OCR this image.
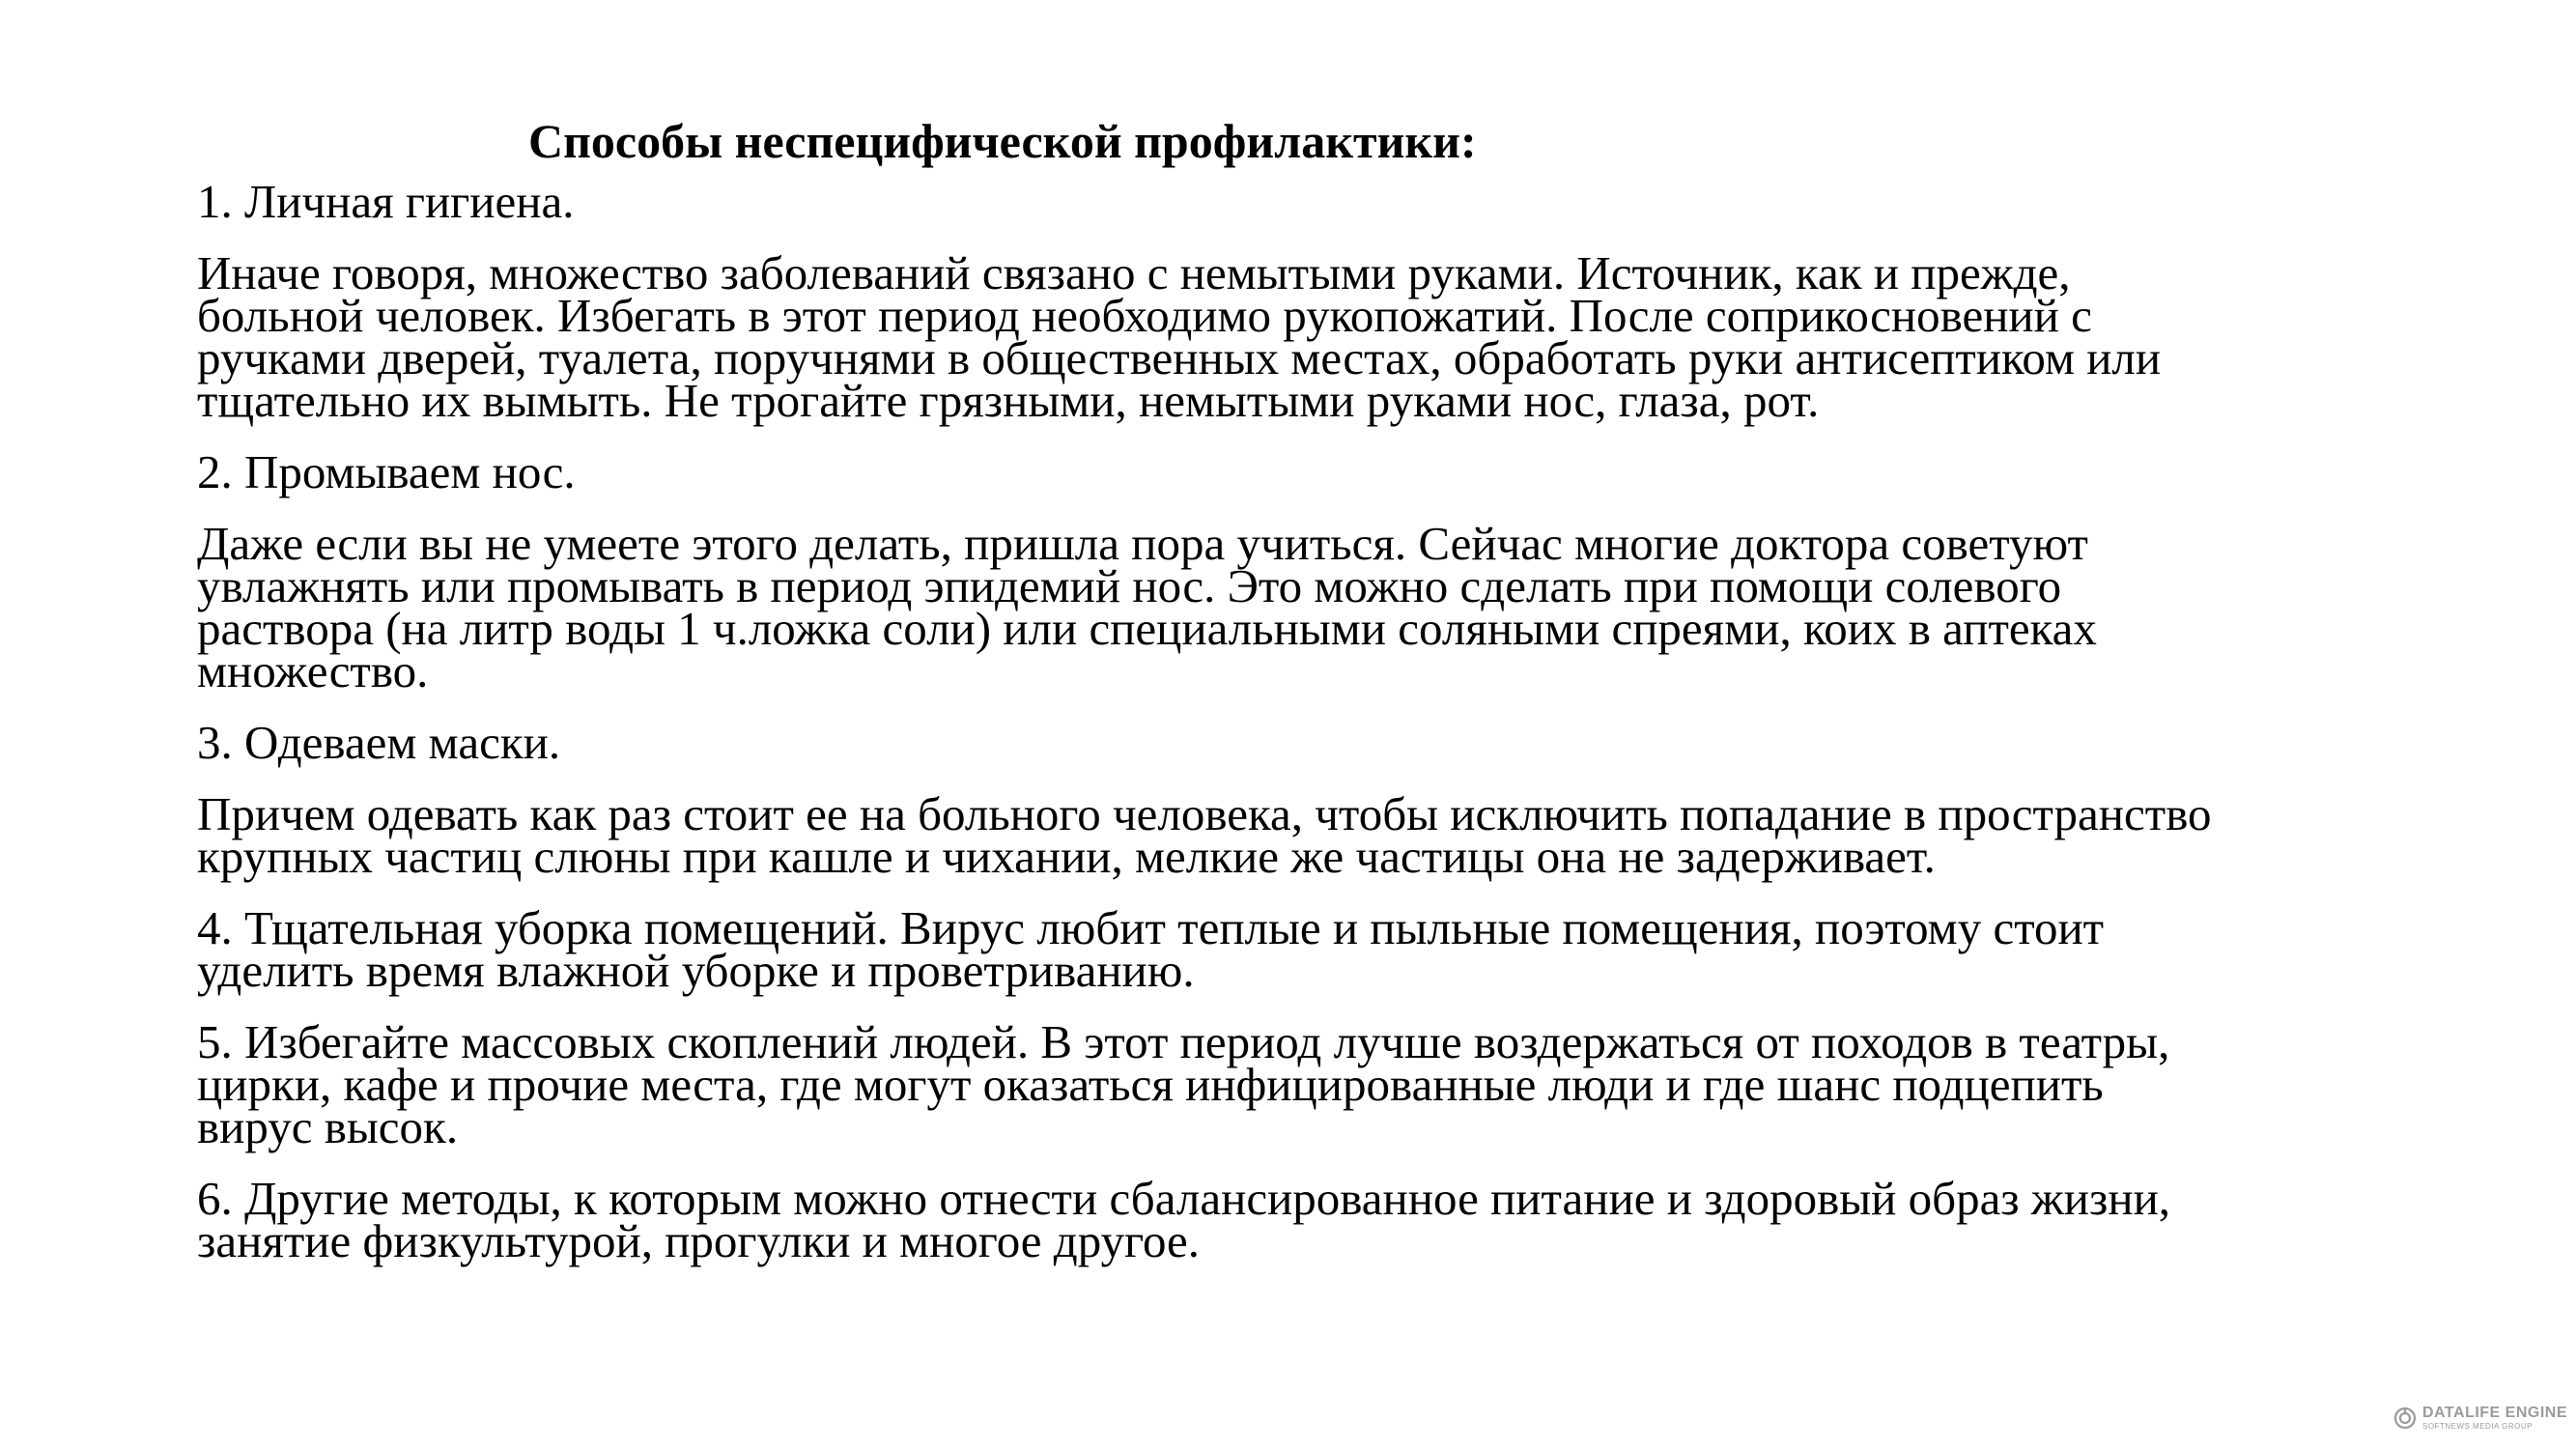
Способы неспецифической профилактики:

1. Личная гигиена.

Иначе говоря, множество заболеваний связано с немытыми руками. Источник, как и прежде,
больной человек. Избегать в этот период необходимо рукопожатий. После соприкосновений с
ручками дверей, туалета, поручнями в общественных местах, обработать руки антисептиком или
тщательно их вымыть. Не трогайте грязными, немытыми руками нос, глаза, рот.

2. Промываем нос.

Даже если вы не умеете этого делать, пришла пора учиться. Сейчас многие доктора советуют
увлажнять или промывать в период эпидемий нос. Это можно сделать при помощи солевого
раствора (на литр воды 1 ч.ложка соли) или специальными соляными спреями, коих в аптеках
множество.

3. Одеваем маски.

Причем одевать как раз стоит ее на больного человека, чтобы исключить попадание в пространство
крупных частиц слюны при кашле и чихании, мелкие же частицы она не задерживает.

4. Тщательная уборка помещений. Вирус любит теплые и пыльные помещения, поэтому стоит
уделить время влажной уборке и проветриванию.

5. Избегайте массовых скоплений людей. В этот период лучше воздержаться от походов в театры,
цирки, кафе и прочие места, где могут оказаться инфицированные люди и где шанс подцепить
вирус высок.

6. Другие методы, к которым можно отнести сбалансированное питание и здоровый образ жизни,
занятие физкультурой, прогулки и многое другое.

DATALIFE ENGINE
SOFTNEWS MEDIA GROUP
